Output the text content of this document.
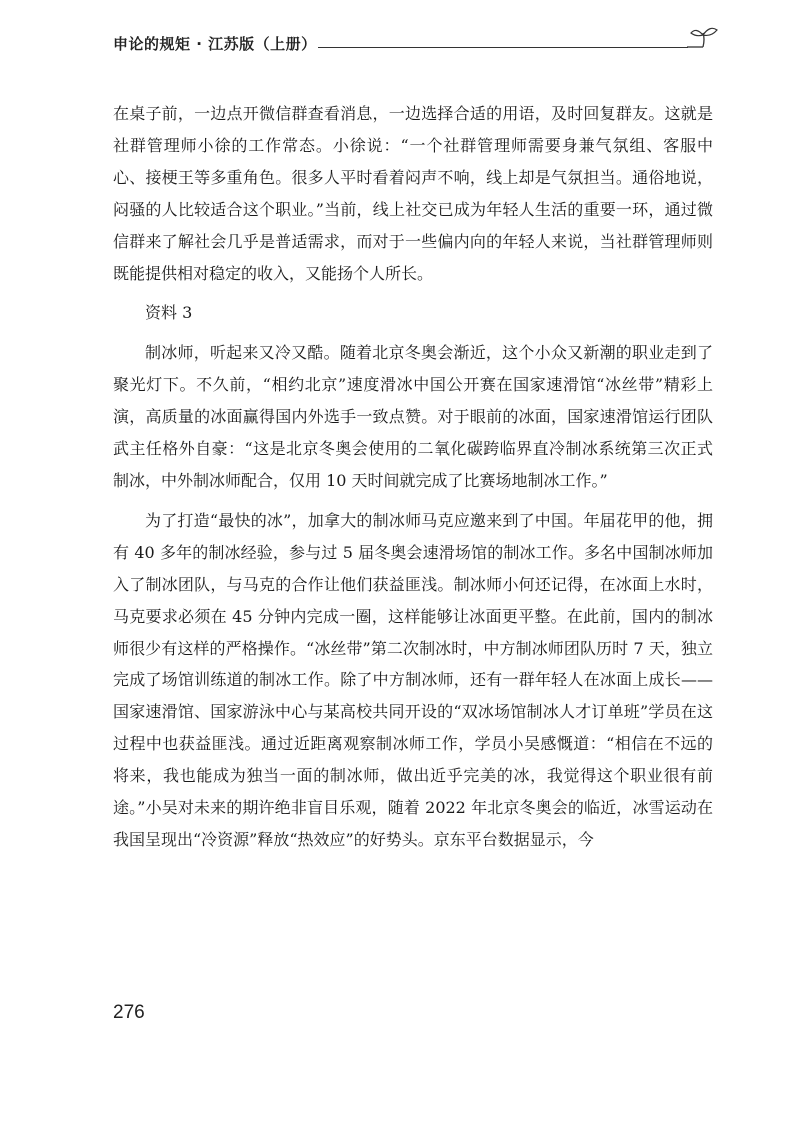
申论的规矩 · 江苏版（上册）

在桌子前，一边点开微信群查看消息，一边选择合适的用语，及时回复群友。这就是社群管理师小徐的工作常态。小徐说：“一个社群管理师需要身兼气氛组、客服中心、接梗王等多重角色。很多人平时看着闷声不响，线上却是气氛担当。通俗地说，闷骚的人比较适合这个职业。”当前，线上社交已成为年轻人生活的重要一环，通过微信群来了解社会几乎是普适需求，而对于一些偏内向的年轻人来说，当社群管理师则既能提供相对稳定的收入，又能扬个人所长。

资料 3

制冰师，听起来又冷又酷。随着北京冬奥会渐近，这个小众又新潮的职业走到了聚光灯下。不久前，“相约北京”速度滑冰中国公开赛在国家速滑馆“冰丝带”精彩上演，高质量的冰面赢得国内外选手一致点赞。对于眼前的冰面，国家速滑馆运行团队武主任格外自豪：“这是北京冬奥会使用的二氧化碳跨临界直冷制冰系统第三次正式制冰，中外制冰师配合，仅用 10 天时间就完成了比赛场地制冰工作。”

为了打造“最快的冰”，加拿大的制冰师马克应邀来到了中国。年届花甲的他，拥有 40 多年的制冰经验，参与过 5 届冬奥会速滑场馆的制冰工作。多名中国制冰师加入了制冰团队，与马克的合作让他们获益匪浅。制冰师小何还记得，在冰面上水时，马克要求必须在 45 分钟内完成一圈，这样能够让冰面更平整。在此前，国内的制冰师很少有这样的严格操作。“冰丝带”第二次制冰时，中方制冰师团队历时 7 天，独立完成了场馆训练道的制冰工作。除了中方制冰师，还有一群年轻人在冰面上成长——国家速滑馆、国家游泳中心与某高校共同开设的“双冰场馆制冰人才订单班”学员在这过程中也获益匪浅。通过近距离观察制冰师工作，学员小吴感慨道：“相信在不远的将来，我也能成为独当一面的制冰师，做出近乎完美的冰，我觉得这个职业很有前途。”小吴对未来的期许绝非盲目乐观，随着 2022 年北京冬奥会的临近，冰雪运动在我国呈现出“冷资源”释放“热效应”的好势头。京东平台数据显示，今

276
